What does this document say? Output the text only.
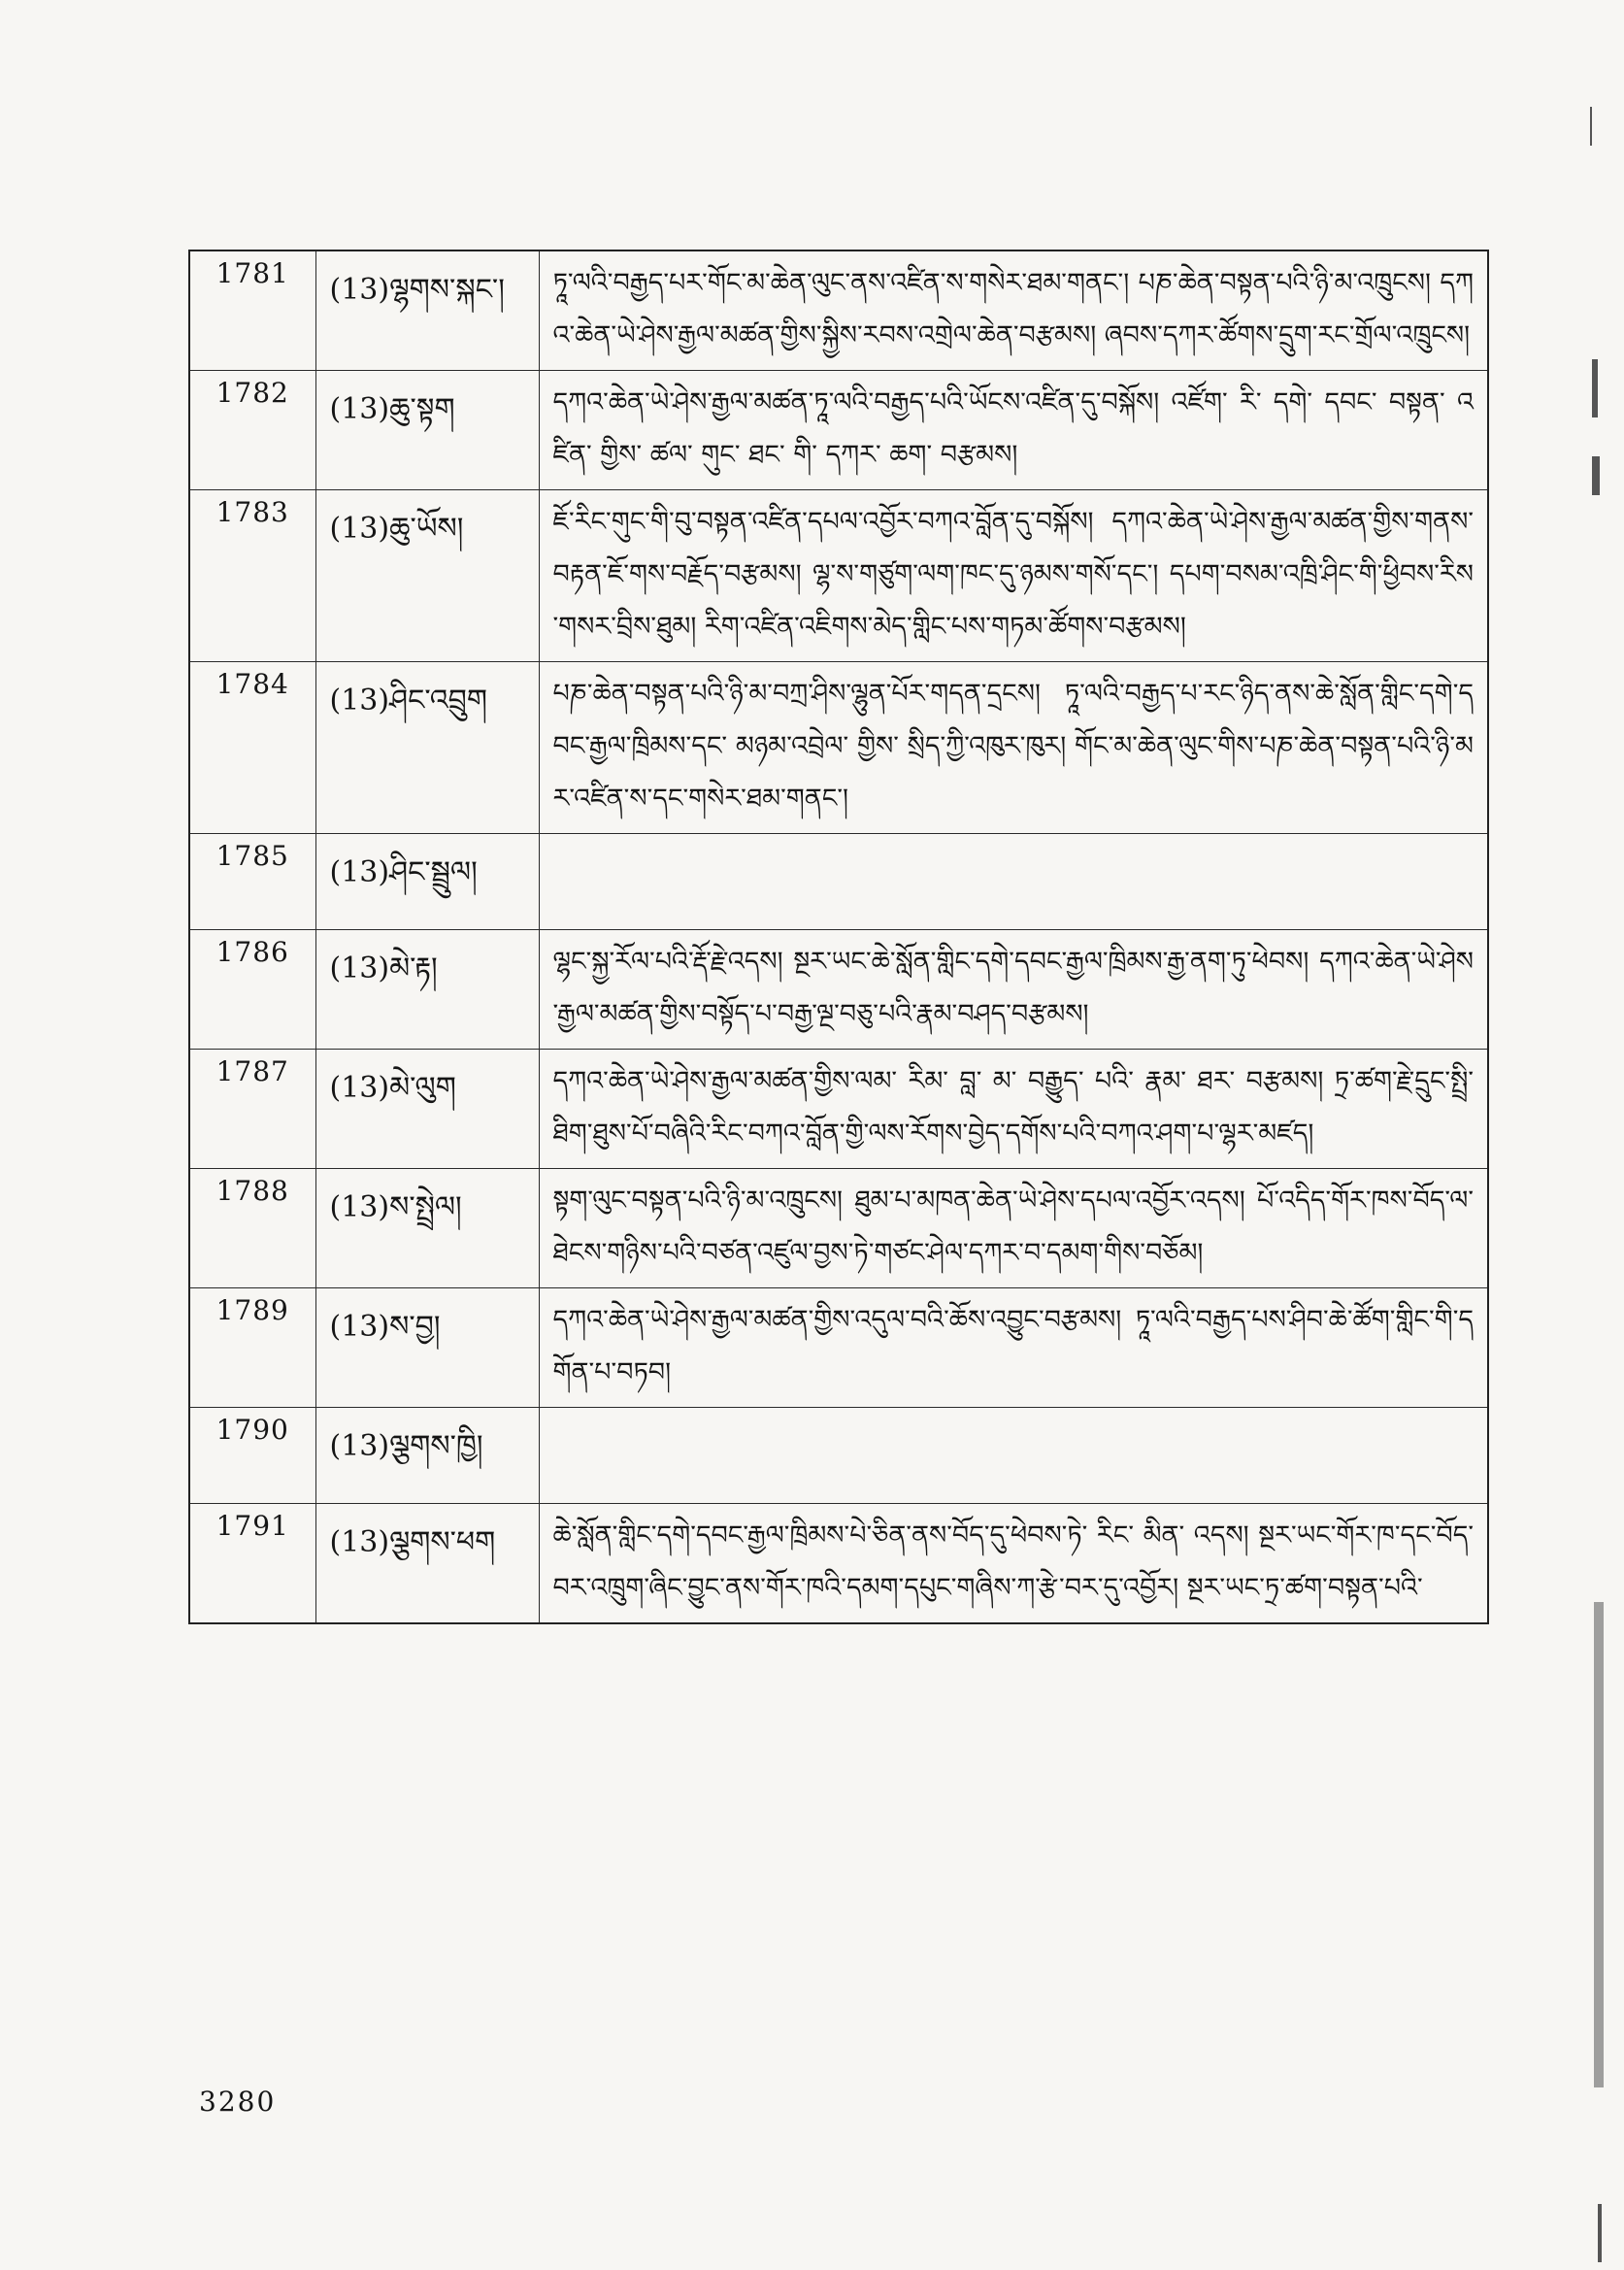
1781	(13)ལྷགས་སྐང་།	ཏཱ་ལའི་བརྒྱད་པར་གོང་མ་ཆེན་ལུང་ནས་འཛིན་ས་གསེར་ཐམ་གནང་། པཎ་ཆེན་བསྟན་པའི་ཉི་མ་འཁྲུངས། དཀའ་ཆེན་ཡེ་ཤེས་རྒྱལ་མཚན་གྱིས་སྐྱིས་རབས་འགྲེལ་ཆེན་བརྩམས། ཞབས་དཀར་ཚོགས་དྲུག་རང་གྲོལ་འཁྲུངས།
1782	(13)ཆུ་སྟག	དཀའ་ཆེན་ཡེ་ཤེས་རྒྱལ་མཚན་ཏཱ་ལའི་བརྒྱད་པའི་ཡོངས་འཛིན་དུ་བསྐོས། འཛོག་ རི་ དགེ་ དབང་ བསྟན་ འཛིན་ གྱིས་ ཚལ་ གུང་ ཐང་ གི་ དཀར་ ཆག་ བརྩམས།
1783	(13)ཆུ་ཡོས།	ཇོ་རིང་གུང་གི་བུ་བསྟན་འཛིན་དཔལ་འབྱོར་བཀའ་བློན་དུ་བསྐོས། དཀའ་ཆེན་ཡེ་ཤེས་རྒྱལ་མཚན་གྱིས་གནས་བརྟན་ཇོ་གས་བརྗོད་བརྩམས། ལྷ་ས་གཙུག་ལག་ཁང་དུ་ཉམས་གསོ་དང་། དཔག་བསམ་འཁྲི་ཤིང་གི་ཕྱིབས་རིས་གསར་བྲིས་ཐུམ། རིག་འཛིན་འཇིགས་མེད་གླིང་པས་གཏམ་ཚོགས་བརྩམས།
1784	(13)ཤིང་འབྲུག	པཎ་ཆེན་བསྟན་པའི་ཉི་མ་བཀྲ་ཤིས་ལྷུན་པོར་གདན་དྲངས། ཏཱ་ལའི་བརྒྱད་པ་རང་ཉིད་ནས་ཆེ་སློན་གླིང་དགེ་དབང་རྒྱལ་ཁྲིམས་དང་ མཉམ་འབྲེལ་ གྱིས་ སྲིད་ཀྱི་འཁུར་ཁུར། གོང་མ་ཆེན་ལུང་གིས་པཎ་ཆེན་བསྟན་པའི་ཉི་མར་འཛིན་ས་དང་གསེར་ཐམ་གནང་།
1785	(13)ཤིང་སྦྲུལ།	
1786	(13)མེ་རྟ།	ལྷང་སྐྱ་རོལ་པའི་རྡོ་རྗེ་འདས། སྔར་ཡང་ཆེ་སློན་གླིང་དགེ་དབང་རྒྱལ་ཁྲིམས་རྒྱ་ནག་ཏུ་ཕེབས། དཀའ་ཆེན་ཡེ་ཤེས་རྒྱལ་མཚན་གྱིས་བསྟོད་པ་བརྒྱ་ལྔ་བཅུ་པའི་རྣམ་བཤད་བརྩམས།
1787	(13)མེ་ལུག	དཀའ་ཆེན་ཡེ་ཤེས་རྒྱལ་མཚན་གྱིས་ལམ་ རིམ་ བླ་ མ་ བརྒྱུད་ པའི་ རྣམ་ ཐར་ བརྩམས། ཏྲ་ཚག་རྗེ་དྲུང་སྤྲི་ཐིག་ཐུས་པོ་བཞིའི་རིང་བཀའ་བློན་གྱི་ལས་རོགས་བྱེད་དགོས་པའི་བཀའ་ཤག་པ་ལྷར་མཛད།
1788	(13)ས་སྤྲེལ།	སྟག་ལུང་བསྟན་པའི་ཉི་མ་འཁྲུངས། ཐུམ་པ་མཁན་ཆེན་ཡེ་ཤེས་དཔལ་འབྱོར་འདས། པོ་འདིད་གོར་ཁས་བོད་ལ་ཐེངས་གཉིས་པའི་བཙན་འཛུལ་བྱས་ཏེ་གཙང་ཤེལ་དཀར་བ་དམག་གིས་བཅོམ།
1789	(13)ས་བྱ།	དཀའ་ཆེན་ཡེ་ཤེས་རྒྱལ་མཚན་གྱིས་འདུལ་བའི་ཆོས་འབྱུང་བརྩམས། ཏཱ་ལའི་བརྒྱད་པས་ཤིབ་ཆེ་ཚོག་གླིང་གི་དགོན་པ་བཏབ།
1790	(13)ལྕགས་ཁྱི།	
1791	(13)ལྕགས་ཕག	ཆེ་སློན་གླིང་དགེ་དབང་རྒྱལ་ཁྲིམས་པེ་ཅིན་ནས་བོད་དུ་ཕེབས་ཏེ་ རིང་ མིན་ འདས། སྔར་ཡང་གོར་ཁ་དང་བོད་བར་འཁྲུག་ཞིང་བྱུང་ནས་གོར་ཁའི་དམག་དཔུང་གཞིས་ཀ་རྩེ་བར་དུ་འབྱོར། སྔར་ཡང་ཏྲ་ཚག་བསྟན་པའི་
3280
